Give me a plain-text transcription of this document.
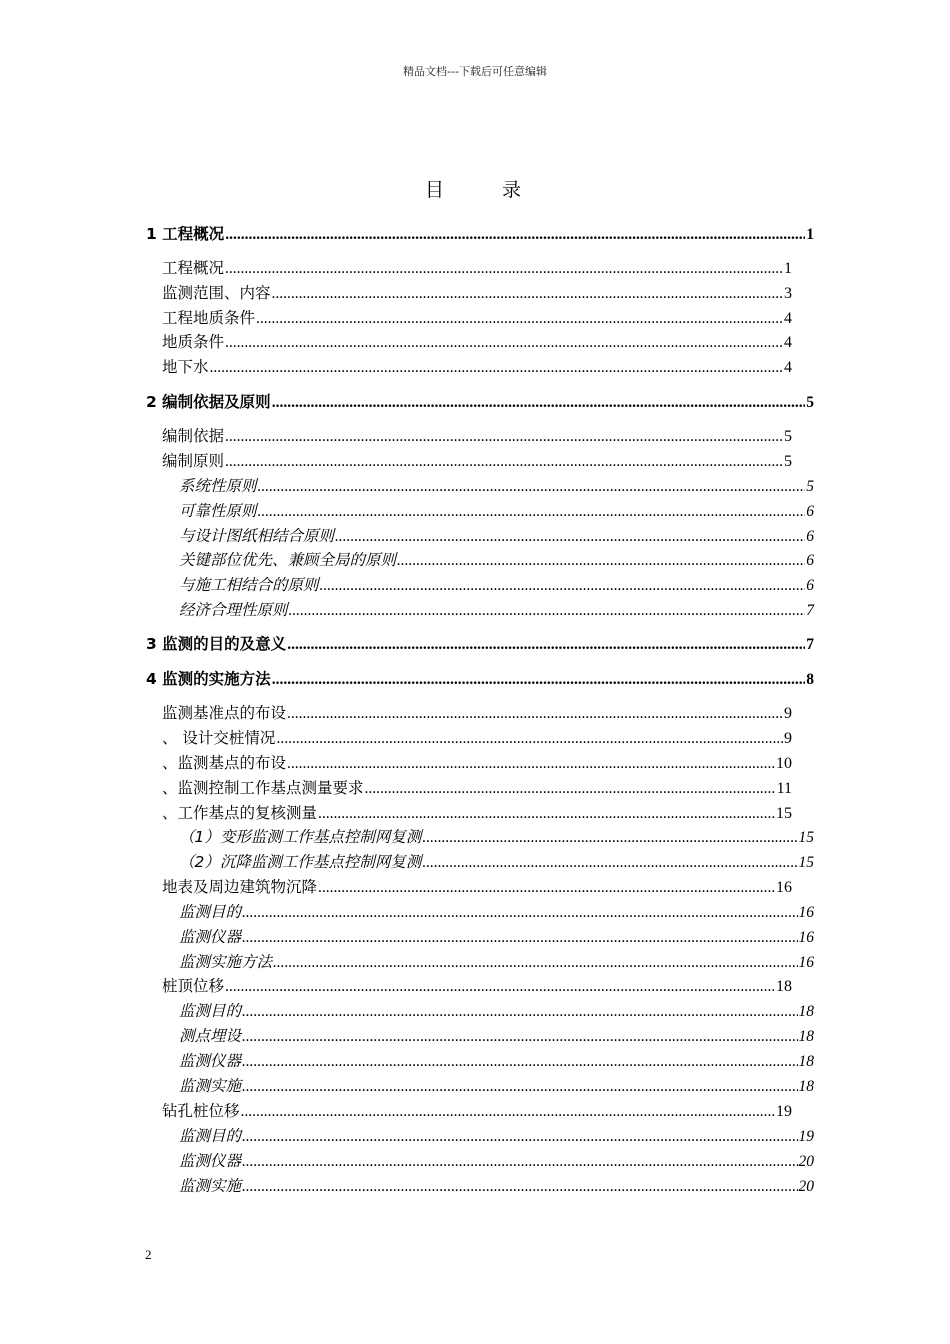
精品文档---下载后可任意编辑
目 录
1 工程概况 .....	1
工程概况 .....	1
监测范围、内容 .....	3
工程地质条件 .....	4
地质条件 .....	4
地下水 .....	4
2 编制依据及原则 .....	5
编制依据 .....	5
编制原则 .....	5
系统性原则 .....	5
可靠性原则 .....	6
与设计图纸相结合原则 .....	6
关键部位优先、兼顾全局的原则 .....	6
与施工相结合的原则 .....	6
经济合理性原则 .....	7
3 监测的目的及意义 .....	7
4 监测的实施方法 .....	8
监测基准点的布设 .....	9
、 设计交桩情况 .....	9
、监测基点的布设 .....	10
、监测控制工作基点测量要求 .....	11
、工作基点的复核测量 .....	15
（1）变形监测工作基点控制网复测 .....	15
（2）沉降监测工作基点控制网复测 .....	15
地表及周边建筑物沉降 .....	16
监测目的 .....	16
监测仪器 .....	16
监测实施方法 .....	16
桩顶位移 .....	18
监测目的 .....	18
测点埋设 .....	18
监测仪器 .....	18
监测实施 .....	18
钻孔桩位移 .....	19
监测目的 .....	19
监测仪器 .....	20
监测实施 .....	20
2
